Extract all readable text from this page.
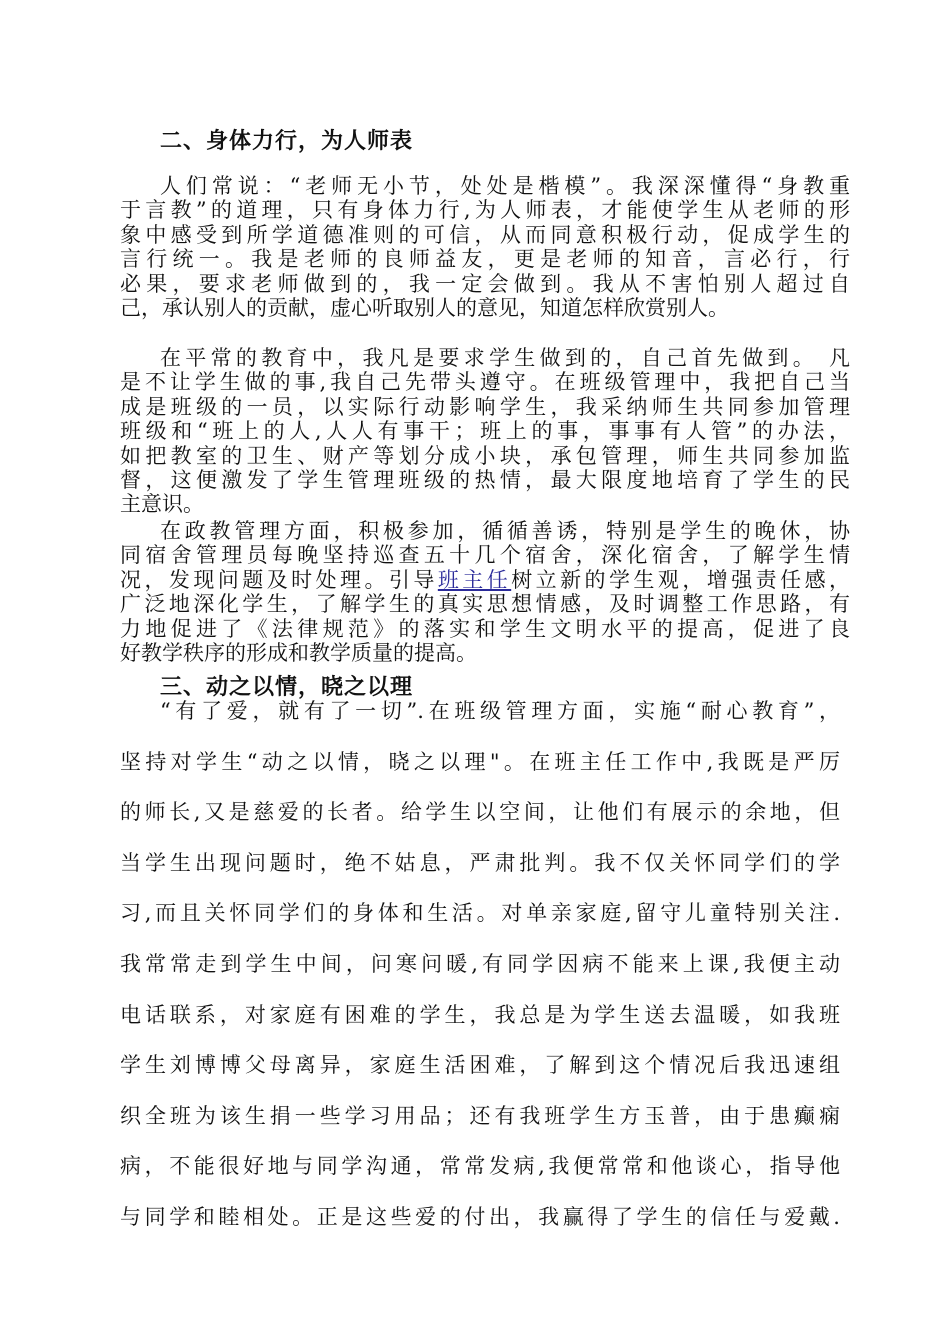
二、身体力行，为人师表
人们常说：“老师无小节，处处是楷模”。我深深懂得“身教重
于言教”的道理，只有身体力行,为人师表，才能使学生从老师的形
象中感受到所学道德准则的可信，从而同意积极行动，促成学生的
言行统一。我是老师的良师益友，更是老师的知音，言必行，行
必果，要求老师做到的，我一定会做到。我从不害怕别人超过自
己，承认别人的贡献，虚心听取别人的意见，知道怎样欣赏别人。
在平常的教育中，我凡是要求学生做到的，自己首先做到。 凡
是不让学生做的事,我自己先带头遵守。在班级管理中，我把自己当
成是班级的一员，以实际行动影响学生，我采纳师生共同参加管理
班级和“班上的人,人人有事干；班上的事，事事有人管”的办法，
如把教室的卫生、财产等划分成小块，承包管理，师生共同参加监
督，这便激发了学生管理班级的热情，最大限度地培育了学生的民
主意识。
在政教管理方面，积极参加，循循善诱，特别是学生的晚休，协
同宿舍管理员每晚坚持巡查五十几个宿舍，深化宿舍，了解学生情
况，发现问题及时处理。引导班主任树立新的学生观，增强责任感，
广泛地深化学生，了解学生的真实思想情感，及时调整工作思路，有
力地促进了《法律规范》的落实和学生文明水平的提高，促进了良
好教学秩序的形成和教学质量的提高。
三、动之以情，晓之以理
“有了爱，就有了一切”.在班级管理方面，实施“耐心教育”，
坚持对学生“动之以情，晓之以理"。在班主任工作中,我既是严厉
的师长,又是慈爱的长者。给学生以空间，让他们有展示的余地，但
当学生出现问题时，绝不姑息，严肃批判。我不仅关怀同学们的学
习,而且关怀同学们的身体和生活。对单亲家庭,留守儿童特别关注.
我常常走到学生中间，问寒问暖,有同学因病不能来上课,我便主动
电话联系，对家庭有困难的学生，我总是为学生送去温暖，如我班
学生刘博博父母离异，家庭生活困难，了解到这个情况后我迅速组
织全班为该生捐一些学习用品；还有我班学生方玉普，由于患癫痫
病，不能很好地与同学沟通，常常发病,我便常常和他谈心，指导他
与同学和睦相处。正是这些爱的付出，我赢得了学生的信任与爱戴.
